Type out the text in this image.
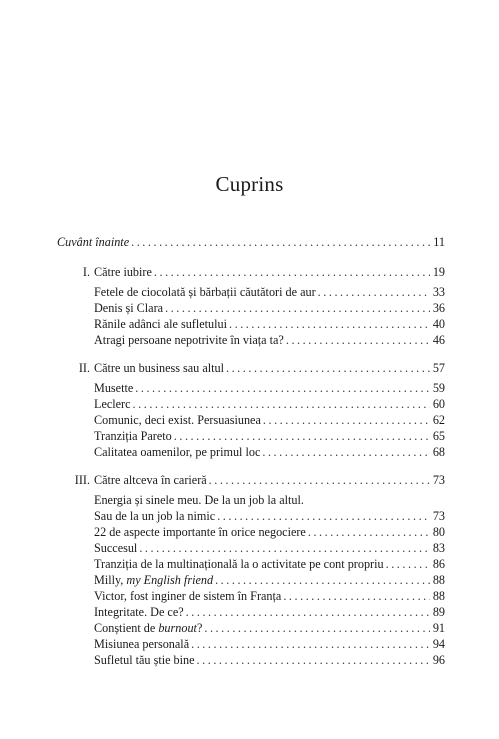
Cuprins
Cuvânt înainte . . .	11
I. Către iubire . . .	19
Fetele de ciocolată și bărbații căutători de aur . . .	33
Denis și Clara . . .	36
Rănile adânci ale sufletului . . .	40
Atragi persoane nepotrivite în viața ta? . . .	46
II. Către un business sau altul . . .	57
Musette . . .	59
Leclerc . . .	60
Comunic, deci exist. Persuasiunea . . .	62
Tranziția Pareto . . .	65
Calitatea oamenilor, pe primul loc . . .	68
III. Către altceva în carieră . . .	73
Energia și sinele meu. De la un job la altul.
Sau de la un job la nimic . . .	73
22 de aspecte importante în orice negociere . . .	80
Succesul . . .	83
Tranziția de la multinațională la o activitate pe cont propriu . . .	86
Milly, my English friend . . .	88
Victor, fost inginer de sistem în Franța . . .	88
Integritate. De ce? . . .	89
Conștient de burnout? . . .	91
Misiunea personală . . .	94
Sufletul tău știe bine . . .	96
